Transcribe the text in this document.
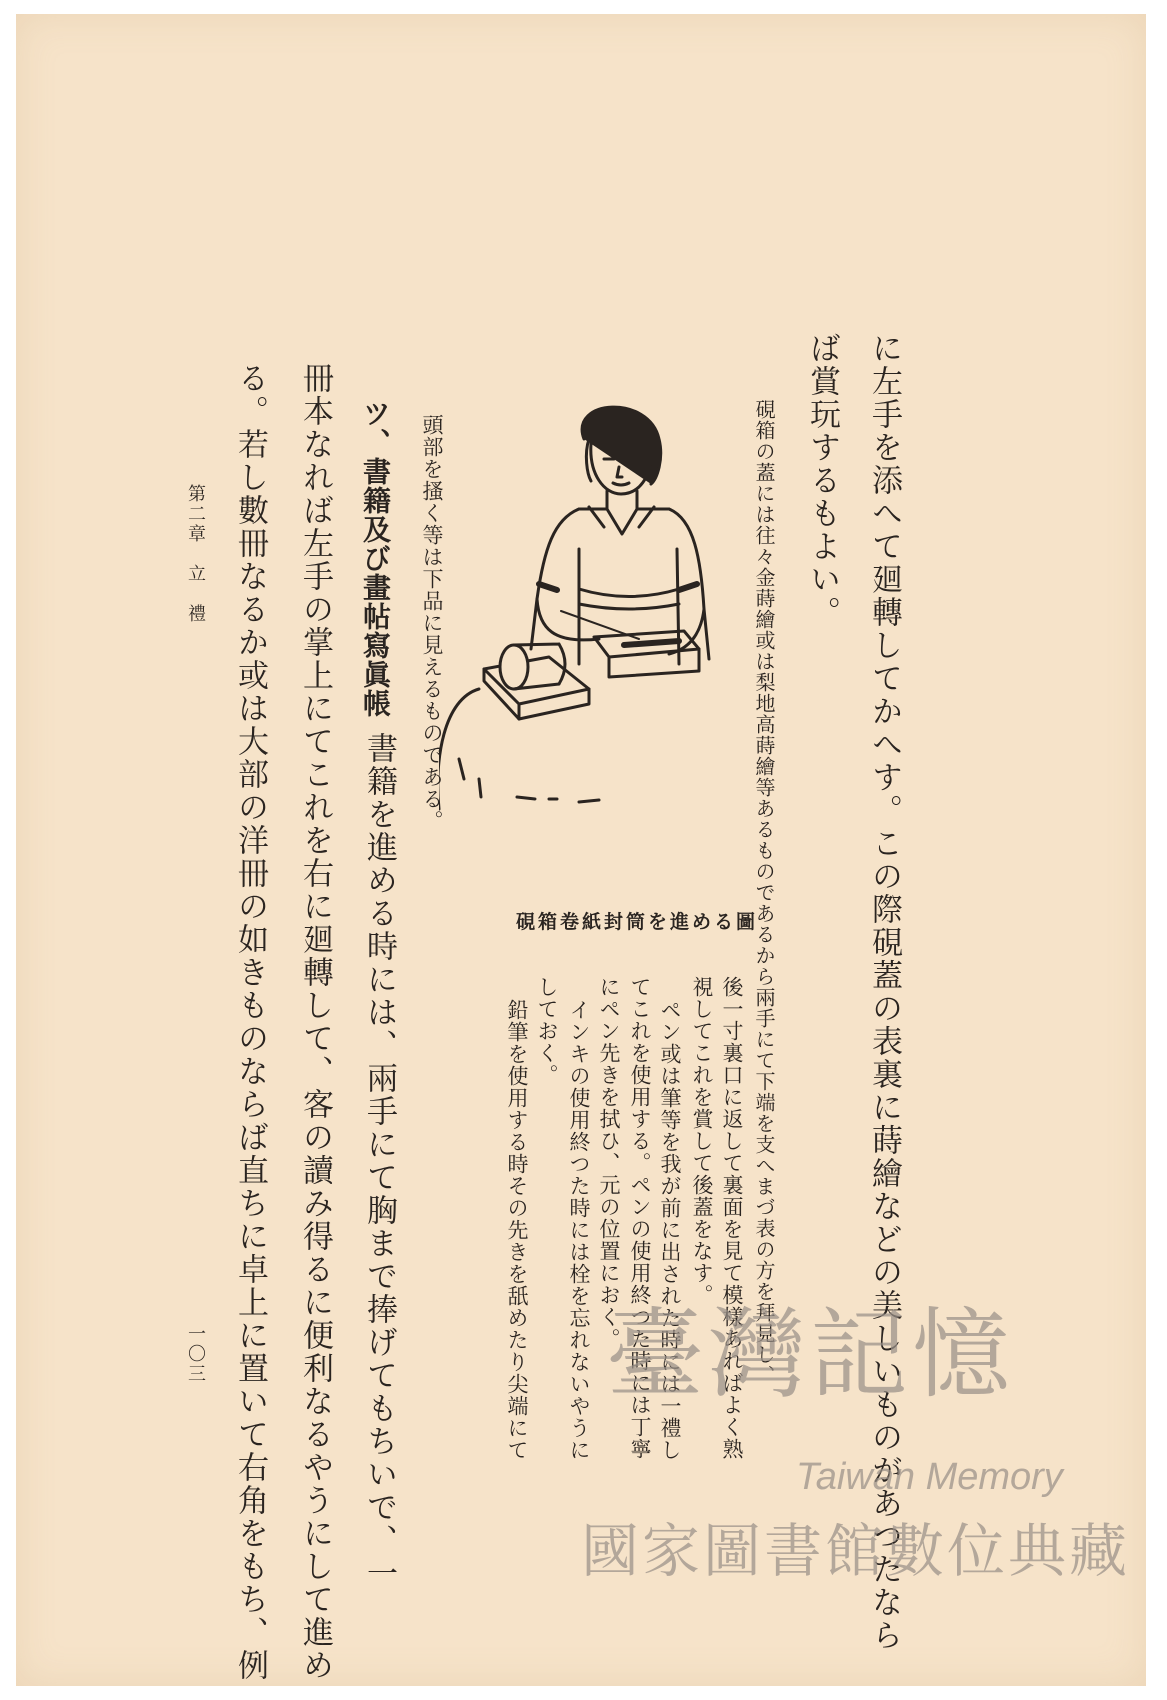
に左手を添へて廻轉してかへす。この際硯蓋の表裏に蒔繪などの美しいものがあつたなら
ば賞玩するもよい。
硯箱の蓋には往々金蒔繪或は梨地高蒔繪等あるものであるから兩手にて下端を支へまづ表の方を拜見し、
硯箱卷紙封筒を進める圖
後一寸裏口に返して裏面を見て模樣あればよく熟
視してこれを賞して後蓋をなす。
ペン或は筆等を我が前に出された時には一禮し
てこれを使用する。ペンの使用終つた時には丁寧
にペン先きを拭ひ、元の位置におく。
インキの使用終つた時には栓を忘れないやうに
しておく。
鉛筆を使用する時その先きを舐めたり尖端にて
頭部を搔く等は下品に見えるものである。
ツ、書籍及び畫帖寫眞帳
書籍を進める時には、兩手にて胸まで捧げてもちいで、一
冊本なれば左手の掌上にてこれを右に廻轉して、客の讀み得るに便利なるやうにして進め
る。若し數冊なるか或は大部の洋冊の如きものならば直ちに卓上に置いて右角をもち、例
第二章　立　禮
一〇三	臺灣記憶
Taiwan Memory
國家圖書館數位典藏
